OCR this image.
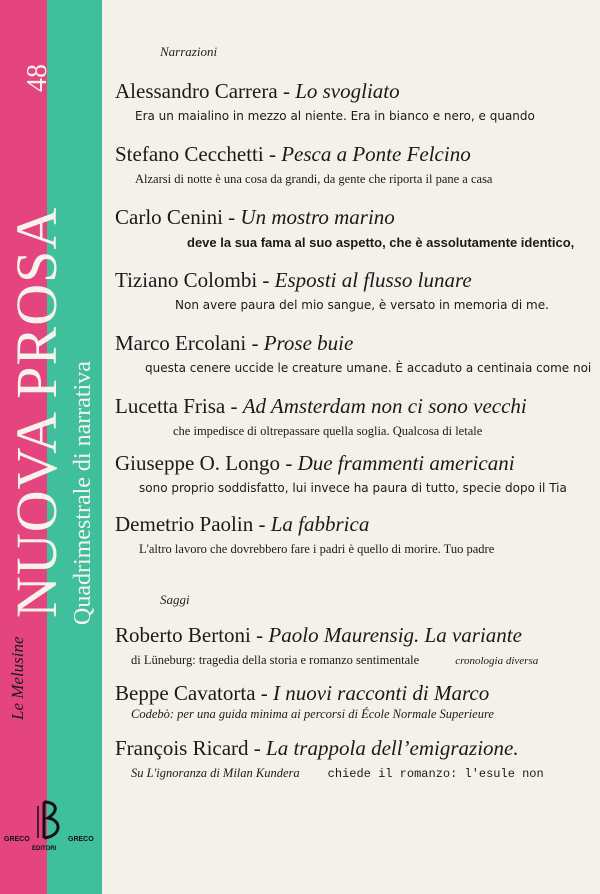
Le Melusine
NUOVA PROSA
48
Quadrimestrale di narrativa
GRECO	GRECO
EDITORI
Narrazioni
Alessandro Carrera - Lo svogliato
Era un maialino in mezzo al niente. Era in bianco e nero, e quando
Stefano Cecchetti - Pesca a Ponte Felcino
Alzarsi di notte è una cosa da grandi, da gente che riporta il pane a casa
Carlo Cenini - Un mostro marino
deve la sua fama al suo aspetto, che è assolutamente identico,
Tiziano Colombi - Esposti al flusso lunare
Non avere paura del mio sangue, è versato in memoria di me.
Marco Ercolani - Prose buie
questa cenere uccide le creature umane. È accaduto a centinaia come noi
Lucetta Frisa - Ad Amsterdam non ci sono vecchi
che impedisce di oltrepassare quella soglia. Qualcosa di letale
Giuseppe O. Longo - Due frammenti americani
sono proprio soddisfatto, lui invece ha paura di tutto, specie dopo il Tia
Demetrio Paolin - La fabbrica
L'altro lavoro che dovrebbero fare i padri è quello di morire. Tuo padre
Saggi
Roberto Bertoni - Paolo Maurensig. La variante
di Lüneburg: tragedia della storia e romanzo sentimentale	cronologia diversa
Beppe Cavatorta - I nuovi racconti di Marco
Codebò: per una guida minima ai percorsi di École Normale Superieure
François Ricard - La trappola dell’emigrazione.
Su L'ignoranza di Milan Kundera chiede il romanzo: l'esule non
